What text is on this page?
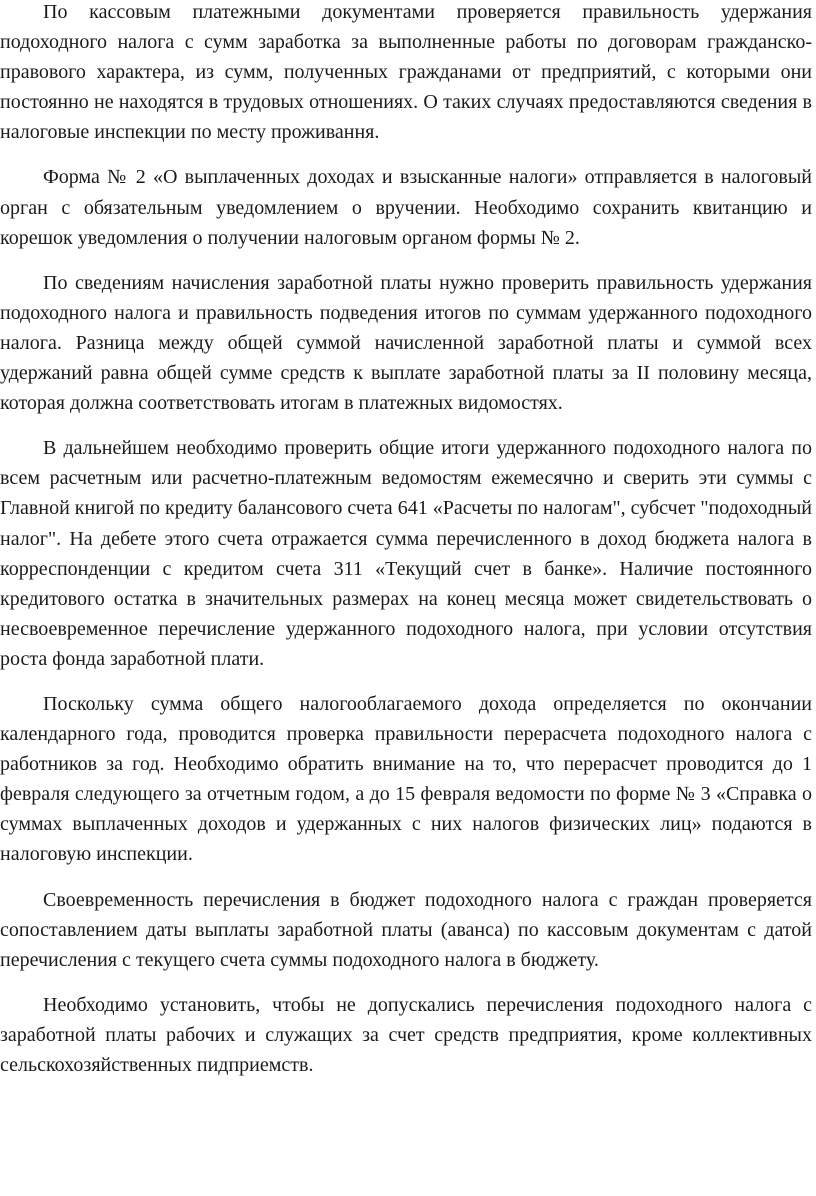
По кассовым платежными документами проверяется правильность удержания подоходного налога с сумм заработка за выполненные работы по договорам гражданско-правового характера, из сумм, полученных гражданами от предприятий, с которыми они постоянно не находятся в трудовых отношениях. О таких случаях предоставляются сведения в налоговые инспекции по месту проживання.

Форма № 2 «О выплаченных доходах и взысканные налоги» отправляется в налоговый орган с обязательным уведомлением о вручении. Необходимо сохранить квитанцию и корешок уведомления о получении налоговым органом формы № 2.

По сведениям начисления заработной платы нужно проверить правильность удержания подоходного налога и правильность подведения итогов по суммам удержанного подоходного налога. Разница между общей суммой начисленной заработной платы и суммой всех удержаний равна общей сумме средств к выплате заработной платы за II половину месяца, которая должна соответствовать итогам в платежных видомостях.

В дальнейшем необходимо проверить общие итоги удержанного подоходного налога по всем расчетным или расчетно-платежным ведомостям ежемесячно и сверить эти суммы с Главной книгой по кредиту балансового счета 641 «Расчеты по налогам", субсчет "подоходный налог". На дебете этого счета отражается сумма перечисленного в доход бюджета налога в корреспонденции с кредитом счета 311 «Текущий счет в банке». Наличие постоянного кредитового остатка в значительных размерах на конец месяца может свидетельствовать о несвоевременное перечисление удержанного подоходного налога, при условии отсутствия роста фонда заработной плати.

Поскольку сумма общего налогооблагаемого дохода определяется по окончании календарного года, проводится проверка правильности перерасчета подоходного налога с работников за год. Необходимо обратить внимание на то, что перерасчет проводится до 1 февраля следующего за отчетным годом, а до 15 февраля ведомости по форме № 3 «Справка о суммах выплаченных доходов и удержанных с них налогов физических лиц» подаются в налоговую инспекции.

Своевременность перечисления в бюджет подоходного налога с граждан проверяется сопоставлением даты выплаты заработной платы (аванса) по кассовым документам с датой перечисления с текущего счета суммы подоходного налога в бюджету.

Необходимо установить, чтобы не допускались перечисления подоходного налога с заработной платы рабочих и служащих за счет средств предприятия, кроме коллективных сельскохозяйственных пидприемств.
